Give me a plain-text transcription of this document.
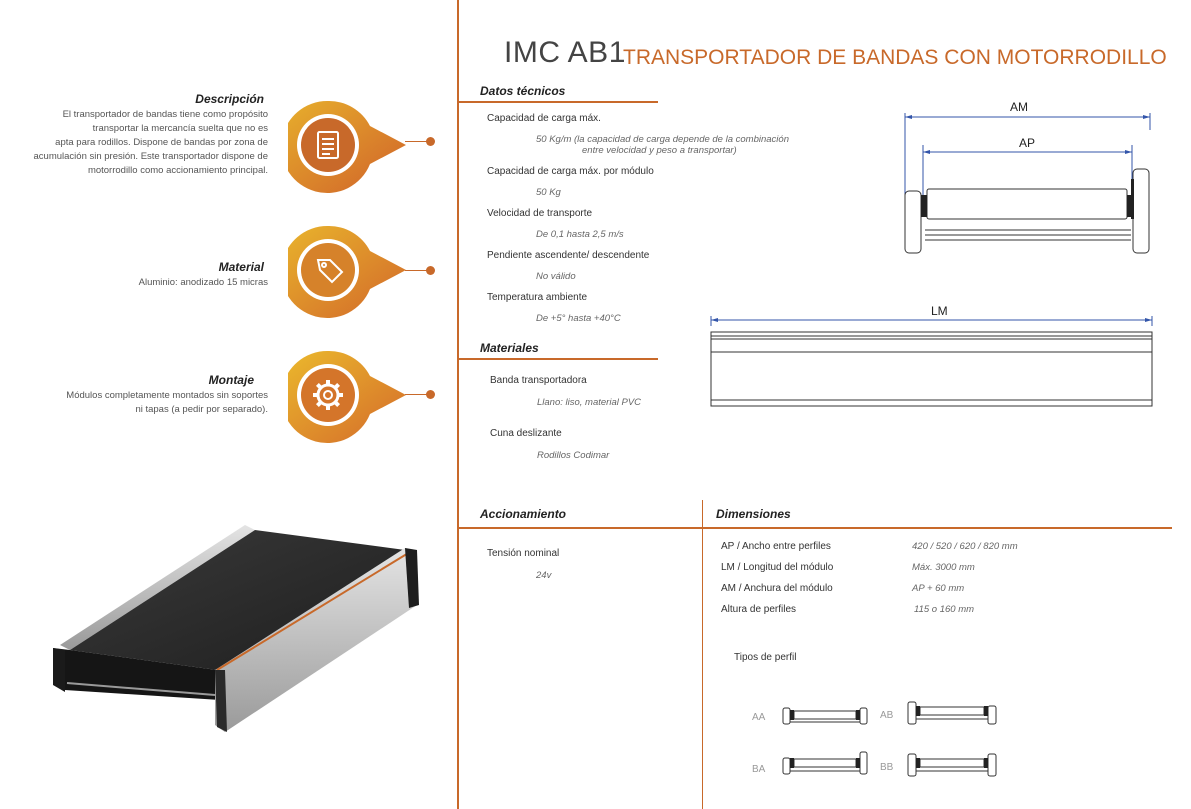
Descripción
El transportador de bandas tiene como propósito
transportar la mercancía suelta que no es
apta para rodillos. Dispone de bandas por zona de
acumulación sin presión. Este transportador dispone de
motorrodillo como accionamiento principal.
Material
Aluminio: anodizado 15 micras
Montaje
Módulos completamente montados sin soportes
ni tapas (a pedir por separado).
IMC AB1
TRANSPORTADOR DE BANDAS CON MOTORRODILLO
Datos técnicos
Capacidad de carga máx.
50 Kg/m (la capacidad de carga depende de la combinación
entre velocidad y peso a transportar)
Capacidad de carga máx. por módulo
50 Kg
Velocidad de transporte
De 0,1 hasta 2,5 m/s
Pendiente ascendente/ descendente
No válido
Temperatura ambiente
De +5° hasta +40°C
Materiales
Banda transportadora
Llano: liso, material PVC
Cuna deslizante
Rodillos Codimar
Accionamiento
Tensión nominal
24v
Dimensiones
AP / Ancho entre perfiles	420 / 520 / 620 / 820 mm
LM / Longitud del módulo	Máx. 3000 mm
AM / Anchura del módulo	AP + 60 mm
Altura de perfiles	115 o 160 mm
Tipos de perfil
AA	AB
BA	BB
AM
AP
LM
